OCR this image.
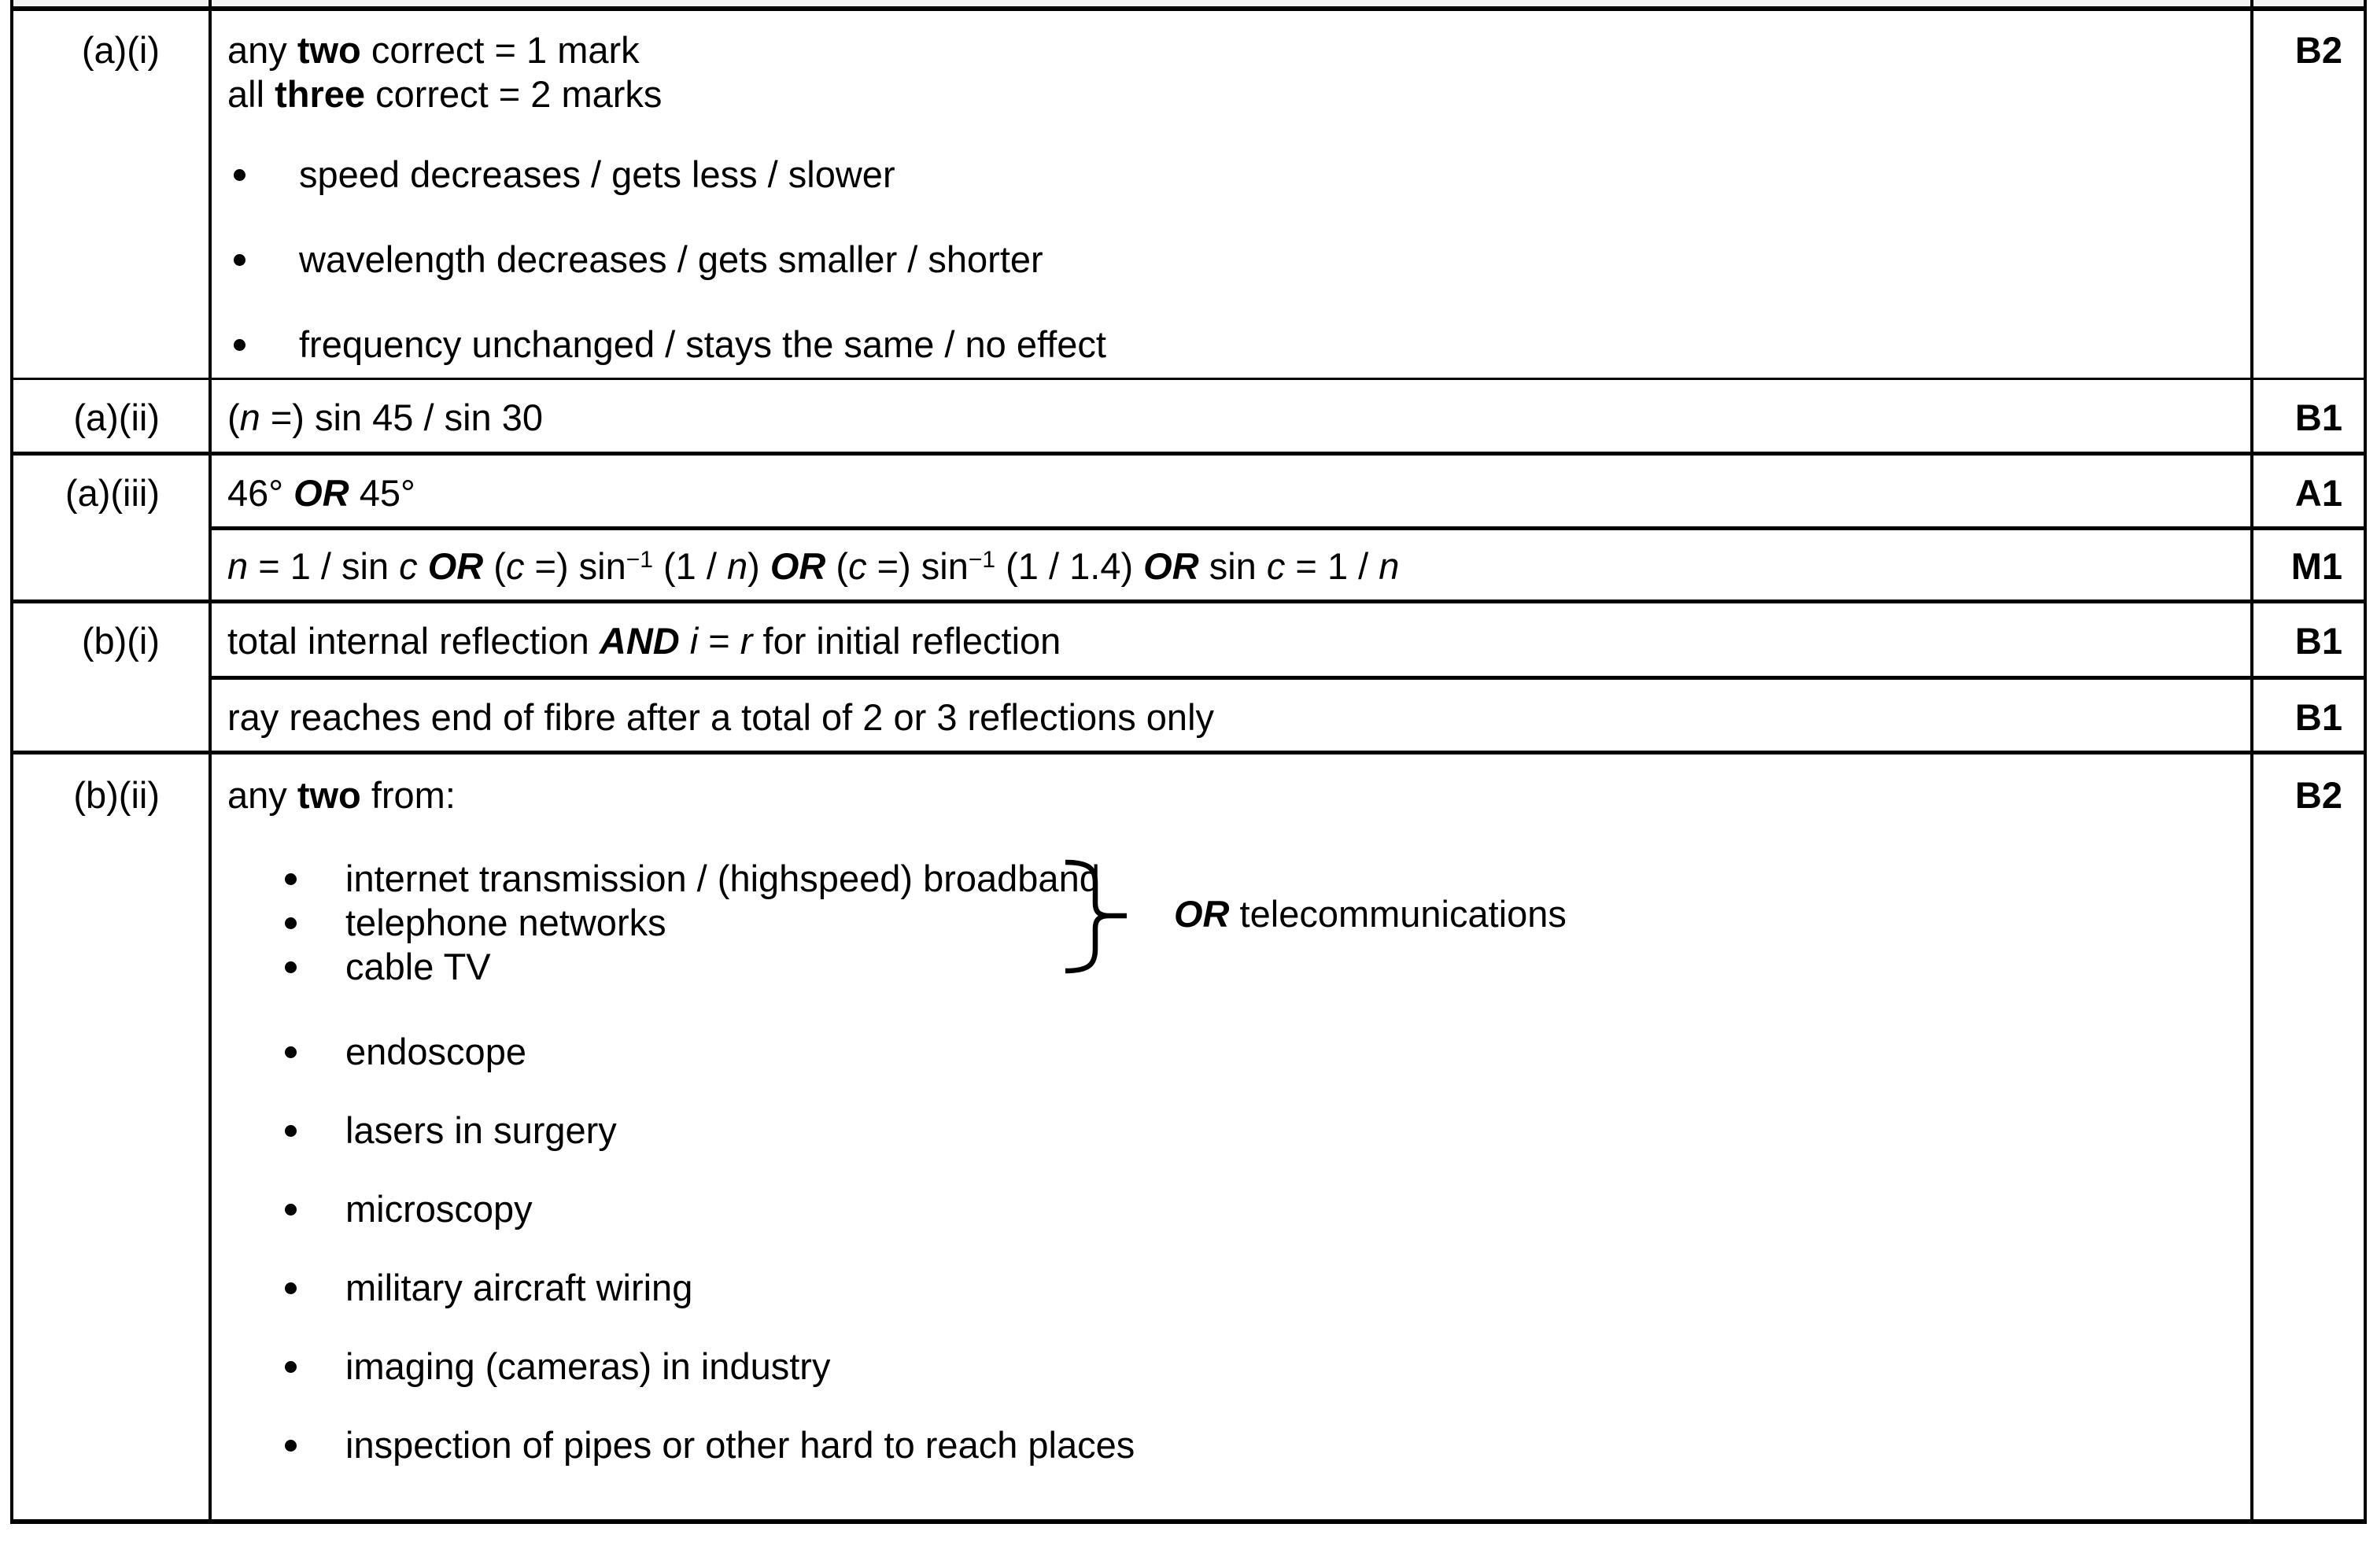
(a)(i)	any two correct = 1 mark
all three correct = 2 marks
speed decreases / gets less / slower
wavelength decreases / gets smaller / shorter
frequency unchanged / stays the same / no effect
	B2
(a)(ii)	(n =) sin 45 / sin 30	B1
(a)(iii)	46° OR 45°	A1

	n = 1 / sin c OR (c =) $\sin^{-1} (1 / n)$ OR (c =) $\sin^{-1} (1 / 1.4)$ OR sin c = 1 / n	M1
(b)(i)	total internal reflection AND i = r for initial reflection	B1

	ray reaches end of fibre after a total of 2 or 3 reflections only	B1
(b)(ii)	any two from:
internet transmission / (highspeed) broadband
telephone networks
cable TV
OR telecommunications
endoscope
lasers in surgery
microscopy
military aircraft wiring
imaging (cameras) in industry
inspection of pipes or other hard to reach places
	B2
